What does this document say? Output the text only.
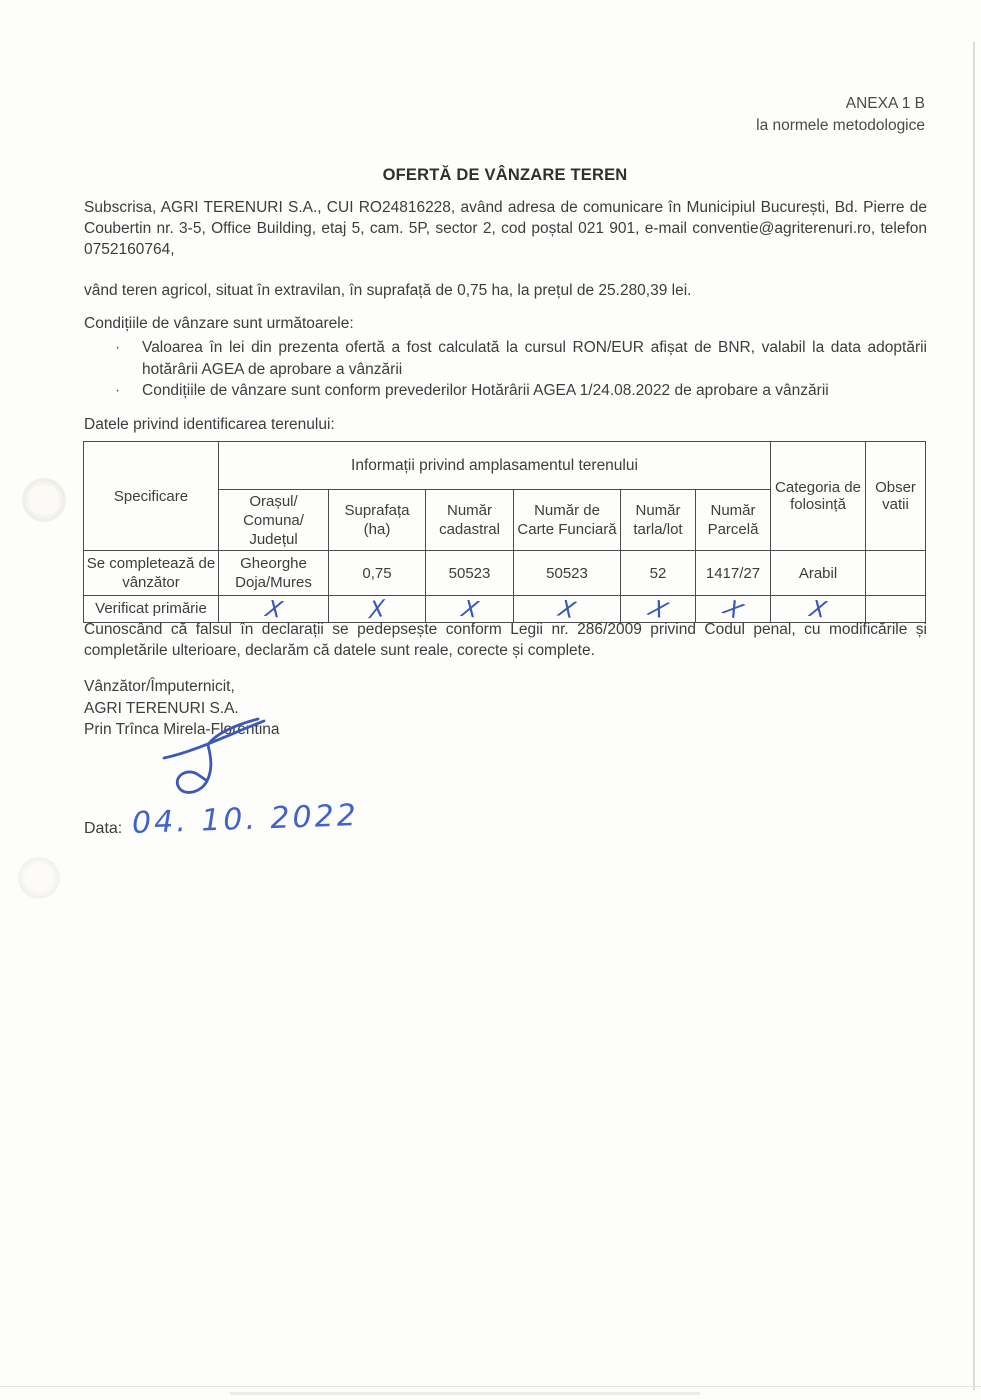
ANEXA 1 B
la normele metodologice
OFERTĂ DE VÂNZARE TEREN
Subscrisa, AGRI TERENURI S.A., CUI RO24816228, având adresa de comunicare în Municipiul București, Bd. Pierre de Coubertin nr. 3-5, Office Building, etaj 5, cam. 5P, sector 2, cod poștal 021 901, e-mail conventie@agriterenuri.ro, telefon 0752160764,
vând teren agricol, situat în extravilan, în suprafață de 0,75 ha, la prețul de 25.280,39 lei.
Condițiile de vânzare sunt următoarele:
· Valoarea în lei din prezenta ofertă a fost calculată la cursul RON/EUR afișat de BNR, valabil la data adoptării hotărârii AGEA de aprobare a vânzării
· Condițiile de vânzare sunt conform prevederilor Hotărârii AGEA 1/24.08.2022 de aprobare a vânzării
Datele privind identificarea terenului:
Specificare	Informații privind amplasamentul terenului						Categoria de folosință	Obser vatii
	Orașul/ Comuna/ Județul	Suprafața (ha)	Număr cadastral	Număr de Carte Funciară	Număr tarla/lot	Număr Parcelă		
Se completează de vânzător	Gheorghe Doja/Mures	0,75	50523	50523	52	1417/27	Arabil	
Verificat primărie	X	X	X	X	X	X	X	
Cunoscând că falsul în declarații se pedepsește conform Legii nr. 286/2009 privind Codul penal, cu modificările și completările ulterioare, declarăm că datele sunt reale, corecte și complete.
Vânzător/Împuternicit,
AGRI TERENURI S.A.
Prin Trînca Mirela-Florentina
Data: 04. 10. 2022
